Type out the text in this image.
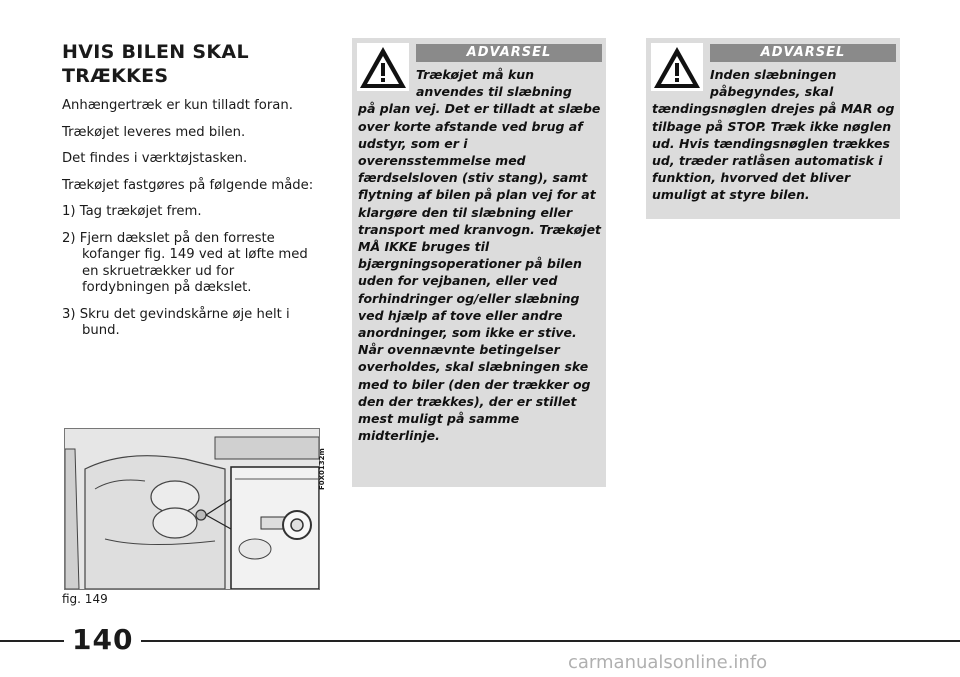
HVIS BILEN SKAL TRÆKKES

Anhængertræk er kun tilladt foran.

Trækøjet leveres med bilen.

Det findes i værktøjstasken.

Trækøjet fastgøres på følgende måde:

1) Tag trækøjet frem.
2) Fjern dækslet på den forreste kofanger fig. 149 ved at løfte med en skruetrækker ud for fordybningen på dækslet.
3) Skru det gevindskårne øje helt i bund.
F0X0132m
fig. 149
ADVARSEL
Trækøjet må kun anvendes til slæbning
på plan vej. Det er tilladt at slæbe over korte afstande ved brug af udstyr, som er i overensstemmelse med færdselsloven (stiv stang), samt flytning af bilen på plan vej for at klargøre den til slæbning eller transport med kranvogn. Trækøjet MÅ IKKE bruges til bjærgningsoperationer på bilen uden for vejbanen, eller ved forhindringer og/eller slæbning ved hjælp af tove eller andre anordninger, som ikke er stive. Når ovennævnte betingelser overholdes, skal slæbningen ske med to biler (den der trækker og den der trækkes), der er stillet mest muligt på samme midterlinje.
ADVARSEL
Inden slæbningen påbegyndes, skal
tændingsnøglen drejes på MAR og tilbage på STOP. Træk ikke nøglen ud. Hvis tændingsnøglen trækkes ud, træder ratlåsen automatisk i funktion, hvorved det bliver umuligt at styre bilen.
140
carmanualsonline.info
